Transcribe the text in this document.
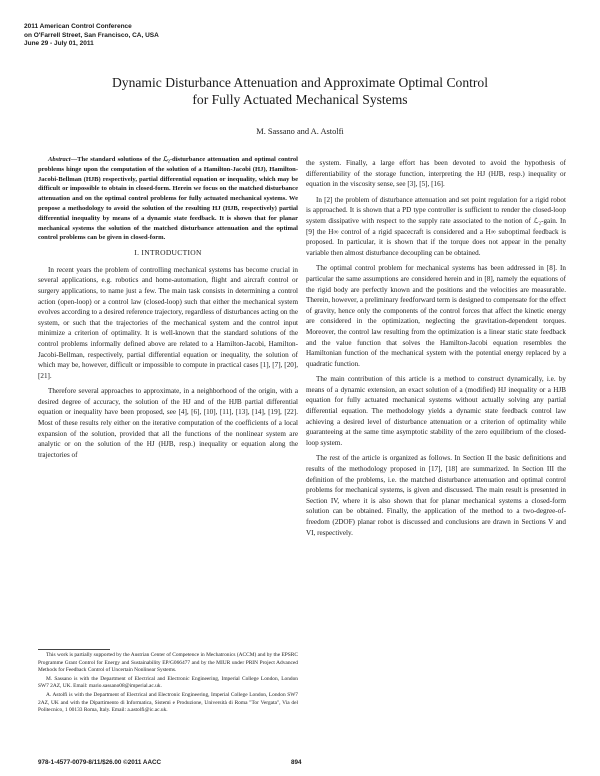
2011 American Control Conference
on O'Farrell Street, San Francisco, CA, USA
June 29 - July 01, 2011
Dynamic Disturbance Attenuation and Approximate Optimal Control
for Fully Actuated Mechanical Systems
M. Sassano and A. Astolfi

Abstract—The standard solutions of the ℒ₂-disturbance attenuation and optimal control problems hinge upon the computation of the solution of a Hamilton-Jacobi (HJ), Hamilton-Jacobi-Bellman (HJB) respectively, partial differential equation or inequality, which may be difficult or impossible to obtain in closed-form. Herein we focus on the matched disturbance attenuation and on the optimal control problems for fully actuated mechanical systems. We propose a methodology to avoid the solution of the resulting HJ (HJB, respectively) partial differential inequality by means of a dynamic state feedback. It is shown that for planar mechanical systems the solution of the matched disturbance attenuation and the optimal control problems can be given in closed-form.

I. INTRODUCTION

In recent years the problem of controlling mechanical systems has become crucial in several applications, e.g. robotics and home-automation, flight and aircraft control or surgery applications, to name just a few. The main task consists in determining a control action (open-loop) or a control law (closed-loop) such that either the mechanical system evolves according to a desired reference trajectory, regardless of disturbances acting on the system, or such that the trajectories of the mechanical system and the control input minimize a criterion of optimality. It is well-known that the standard solutions of the control problems informally defined above are related to a Hamilton-Jacobi, Hamilton-Jacobi-Bellman, respectively, partial differential equation or inequality, the solution of which may be, however, difficult or impossible to compute in practical cases [1], [7], [20], [21].

Therefore several approaches to approximate, in a neighborhood of the origin, with a desired degree of accuracy, the solution of the HJ and of the HJB partial differential equation or inequality have been proposed, see [4], [6], [10], [11], [13], [14], [19], [22]. Most of these results rely either on the iterative computation of the coefficients of a local expansion of the solution, provided that all the functions of the nonlinear system are analytic or on the solution of the HJ (HJB, resp.) inequality or equation along the trajectories of

the system. Finally, a large effort has been devoted to avoid the hypothesis of differentiability of the storage function, interpreting the HJ (HJB, resp.) inequality or equation in the viscosity sense, see [3], [5], [16].

In [2] the problem of disturbance attenuation and set point regulation for a rigid robot is approached. It is shown that a PD type controller is sufficient to render the closed-loop system dissipative with respect to the supply rate associated to the notion of ℒ₂-gain. In [9] the H∞ control of a rigid spacecraft is considered and a H∞ suboptimal feedback is proposed. In particular, it is shown that if the torque does not appear in the penalty variable then almost disturbance decoupling can be obtained.

The optimal control problem for mechanical systems has been addressed in [8]. In particular the same assumptions are considered herein and in [8], namely the equations of the rigid body are perfectly known and the positions and the velocities are measurable. Therein, however, a preliminary feedforward term is designed to compensate for the effect of gravity, hence only the components of the control forces that affect the kinetic energy are considered in the optimization, neglecting the gravitation-dependent torques. Moreover, the control law resulting from the optimization is a linear static state feedback and the value function that solves the Hamilton-Jacobi equation resembles the Hamiltonian function of the mechanical system with the potential energy replaced by a quadratic function.

The main contribution of this article is a method to construct dynamically, i.e. by means of a dynamic extension, an exact solution of a (modified) HJ inequality or a HJB equation for fully actuated mechanical systems without actually solving any partial differential equation. The methodology yields a dynamic state feedback control law achieving a desired level of disturbance attenuation or a criterion of optimality while guaranteeing at the same time asymptotic stability of the zero equilibrium of the closed-loop system.

The rest of the article is organized as follows. In Section II the basic definitions and results of the methodology proposed in [17], [18] are summarized. In Section III the definition of the problems, i.e. the matched disturbance attenuation and optimal control problems for mechanical systems, is given and discussed. The main result is presented in Section IV, where it is also shown that for planar mechanical systems a closed-form solution can be obtained. Finally, the application of the method to a two-degree-of-freedom (2DOF) planar robot is discussed and conclusions are drawn in Sections V and VI, respectively.

This work is partially supported by the Austrian Center of Competence in Mechatronics (ACCM) and by the EPSRC Programme Grant Control for Energy and Sustainability EP/G066477 and by the MIUR under PRIN Project Advanced Methods for Feedback Control of Uncertain Nonlinear Systems.

M. Sassano is with the Department of Electrical and Electronic Engineering, Imperial College London, London SW7 2AZ, UK. Email: mario.sassano08@imperial.ac.uk.

A. Astolfi is with the Department of Electrical and Electronic Engineering, Imperial College London, London SW7 2AZ, UK and with the Dipartimento di Informatica, Sistemi e Produzione, Università di Roma "Tor Vergata", Via del Politecnico, 1 00133 Roma, Italy. Email: a.astolfi@ic.ac.uk.

978-1-4577-0079-8/11/$26.00 ©2011 AACC	894
